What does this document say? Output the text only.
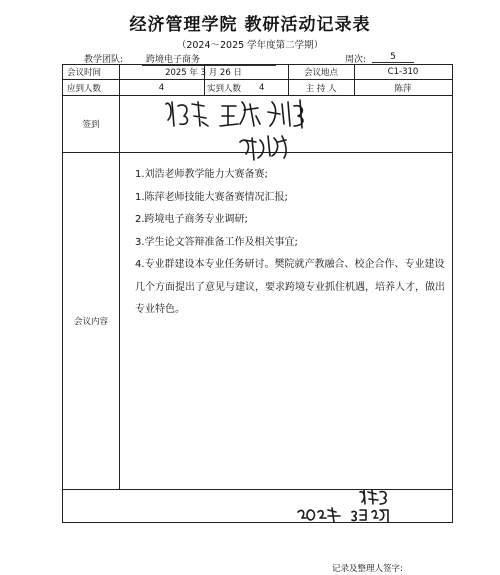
经济管理学院 教研活动记录表
（2024～2025 学年度第二学期）
教学团队:	跨境电子商务	周次:	5
会议时间	2025 年 3 月 26 日	会议地点	C1-310
应到人数	4	实到人数	4	主 持 人	陈萍
签到
会议内容

1.刘浩老师教学能力大赛备赛;

1.陈萍老师技能大赛备赛情况汇报;

2.跨境电子商务专业调研;

3.学生论文答辩准备工作及相关事宜;

4.专业群建设本专业任务研讨。樊院就产教融合、校企合作、专业建设几个方面提出了意见与建议，要求跨境专业抓住机遇，培养人才，做出专业特色。

记录及整理人签字:
